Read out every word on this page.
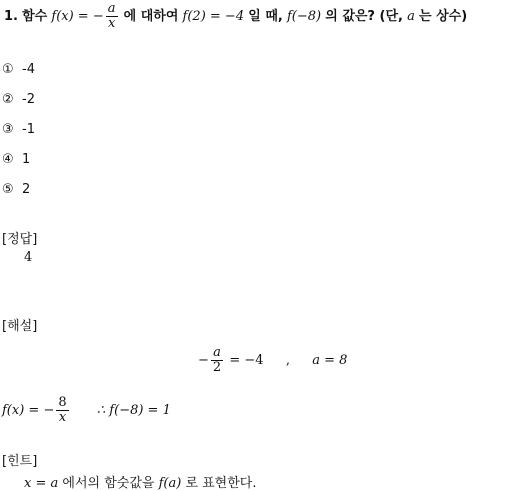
1. 함수 f(x) = − $\frac{a}{x}$ 에 대하여 f(2) = −4 일 때, f(−8) 의 값은? (단, a 는 상수)
① -4
② -2
③ -1
④ 1
⑤ 2
[정답]
4
[해설]
− $\frac{a}{2} = -4$ , a = 8
f(x) = − $\frac{8}{x}$ ∴ f(−8) = 1
[힌트]
x = a 에서의 함숫값을 f(a) 로 표현한다.
